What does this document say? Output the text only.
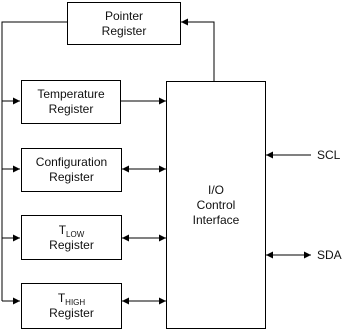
Pointer
Register
Temperature
Register
Configuration
Register
$T_{LOW}$
Register
$T_{HIGH}$
Register
I/O
Control
Interface
SCL
SDA
